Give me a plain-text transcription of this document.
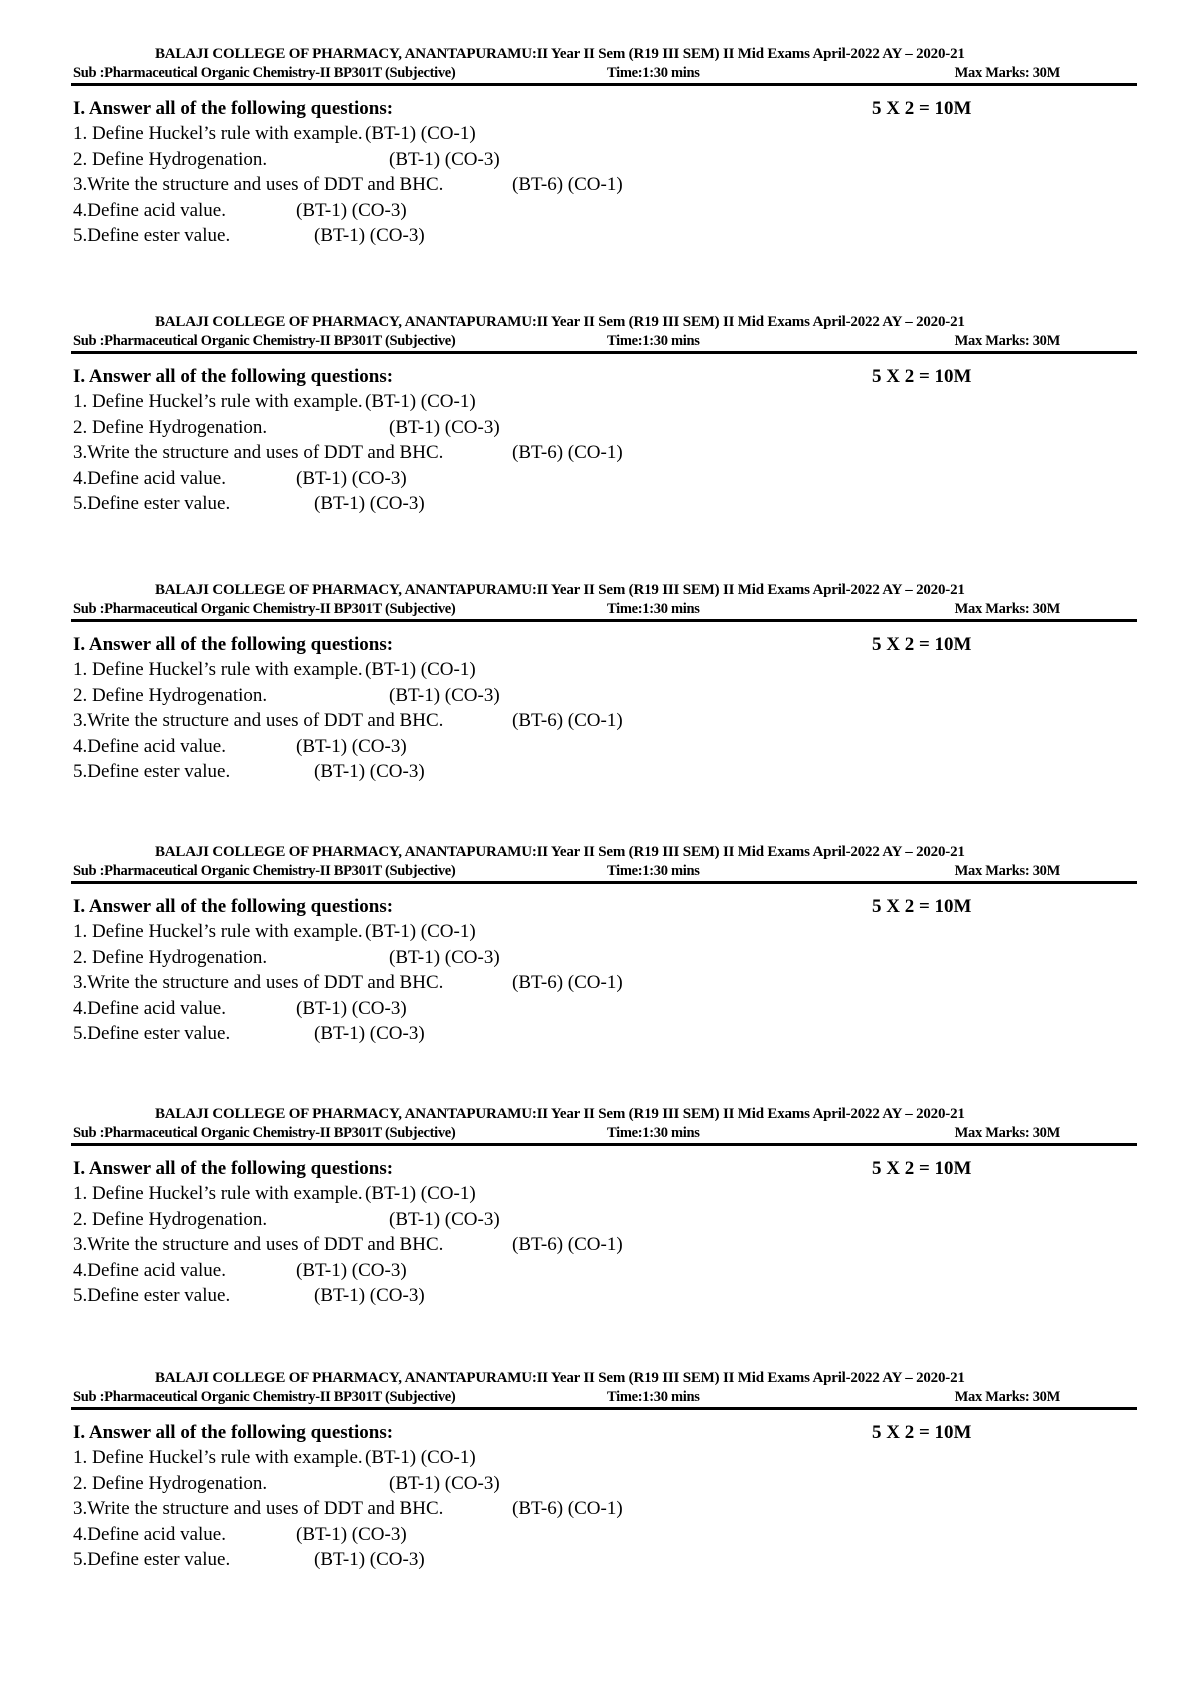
BALAJI COLLEGE OF PHARMACY, ANANTAPURAMU:II Year II Sem (R19 III SEM) II Mid Exams April-2022 AY – 2020-21
Sub :Pharmaceutical Organic Chemistry-II BP301T (Subjective)	Time:1:30 mins	Max Marks: 30M
I. Answer all of the following questions:	5 X 2 = 10M
1. Define Huckel’s rule with example. (BT-1) (CO-1)
2. Define Hydrogenation.	(BT-1) (CO-3)
3.Write the structure and uses of DDT and BHC.	(BT-6) (CO-1)
4.Define acid value.	(BT-1) (CO-3)
5.Define ester value.	(BT-1) (CO-3)
BALAJI COLLEGE OF PHARMACY, ANANTAPURAMU:II Year II Sem (R19 III SEM) II Mid Exams April-2022 AY – 2020-21
Sub :Pharmaceutical Organic Chemistry-II BP301T (Subjective)	Time:1:30 mins	Max Marks: 30M
I. Answer all of the following questions:	5 X 2 = 10M
1. Define Huckel’s rule with example. (BT-1) (CO-1)
2. Define Hydrogenation.	(BT-1) (CO-3)
3.Write the structure and uses of DDT and BHC.	(BT-6) (CO-1)
4.Define acid value.	(BT-1) (CO-3)
5.Define ester value.	(BT-1) (CO-3)
BALAJI COLLEGE OF PHARMACY, ANANTAPURAMU:II Year II Sem (R19 III SEM) II Mid Exams April-2022 AY – 2020-21
Sub :Pharmaceutical Organic Chemistry-II BP301T (Subjective)	Time:1:30 mins	Max Marks: 30M
I. Answer all of the following questions:	5 X 2 = 10M
1. Define Huckel’s rule with example. (BT-1) (CO-1)
2. Define Hydrogenation.	(BT-1) (CO-3)
3.Write the structure and uses of DDT and BHC.	(BT-6) (CO-1)
4.Define acid value.	(BT-1) (CO-3)
5.Define ester value.	(BT-1) (CO-3)
BALAJI COLLEGE OF PHARMACY, ANANTAPURAMU:II Year II Sem (R19 III SEM) II Mid Exams April-2022 AY – 2020-21
Sub :Pharmaceutical Organic Chemistry-II BP301T (Subjective)	Time:1:30 mins	Max Marks: 30M
I. Answer all of the following questions:	5 X 2 = 10M
1. Define Huckel’s rule with example. (BT-1) (CO-1)
2. Define Hydrogenation.	(BT-1) (CO-3)
3.Write the structure and uses of DDT and BHC.	(BT-6) (CO-1)
4.Define acid value.	(BT-1) (CO-3)
5.Define ester value.	(BT-1) (CO-3)
BALAJI COLLEGE OF PHARMACY, ANANTAPURAMU:II Year II Sem (R19 III SEM) II Mid Exams April-2022 AY – 2020-21
Sub :Pharmaceutical Organic Chemistry-II BP301T (Subjective)	Time:1:30 mins	Max Marks: 30M
I. Answer all of the following questions:	5 X 2 = 10M
1. Define Huckel’s rule with example. (BT-1) (CO-1)
2. Define Hydrogenation.	(BT-1) (CO-3)
3.Write the structure and uses of DDT and BHC.	(BT-6) (CO-1)
4.Define acid value.	(BT-1) (CO-3)
5.Define ester value.	(BT-1) (CO-3)
BALAJI COLLEGE OF PHARMACY, ANANTAPURAMU:II Year II Sem (R19 III SEM) II Mid Exams April-2022 AY – 2020-21
Sub :Pharmaceutical Organic Chemistry-II BP301T (Subjective)	Time:1:30 mins	Max Marks: 30M
I. Answer all of the following questions:	5 X 2 = 10M
1. Define Huckel’s rule with example. (BT-1) (CO-1)
2. Define Hydrogenation.	(BT-1) (CO-3)
3.Write the structure and uses of DDT and BHC.	(BT-6) (CO-1)
4.Define acid value.	(BT-1) (CO-3)
5.Define ester value.	(BT-1) (CO-3)
